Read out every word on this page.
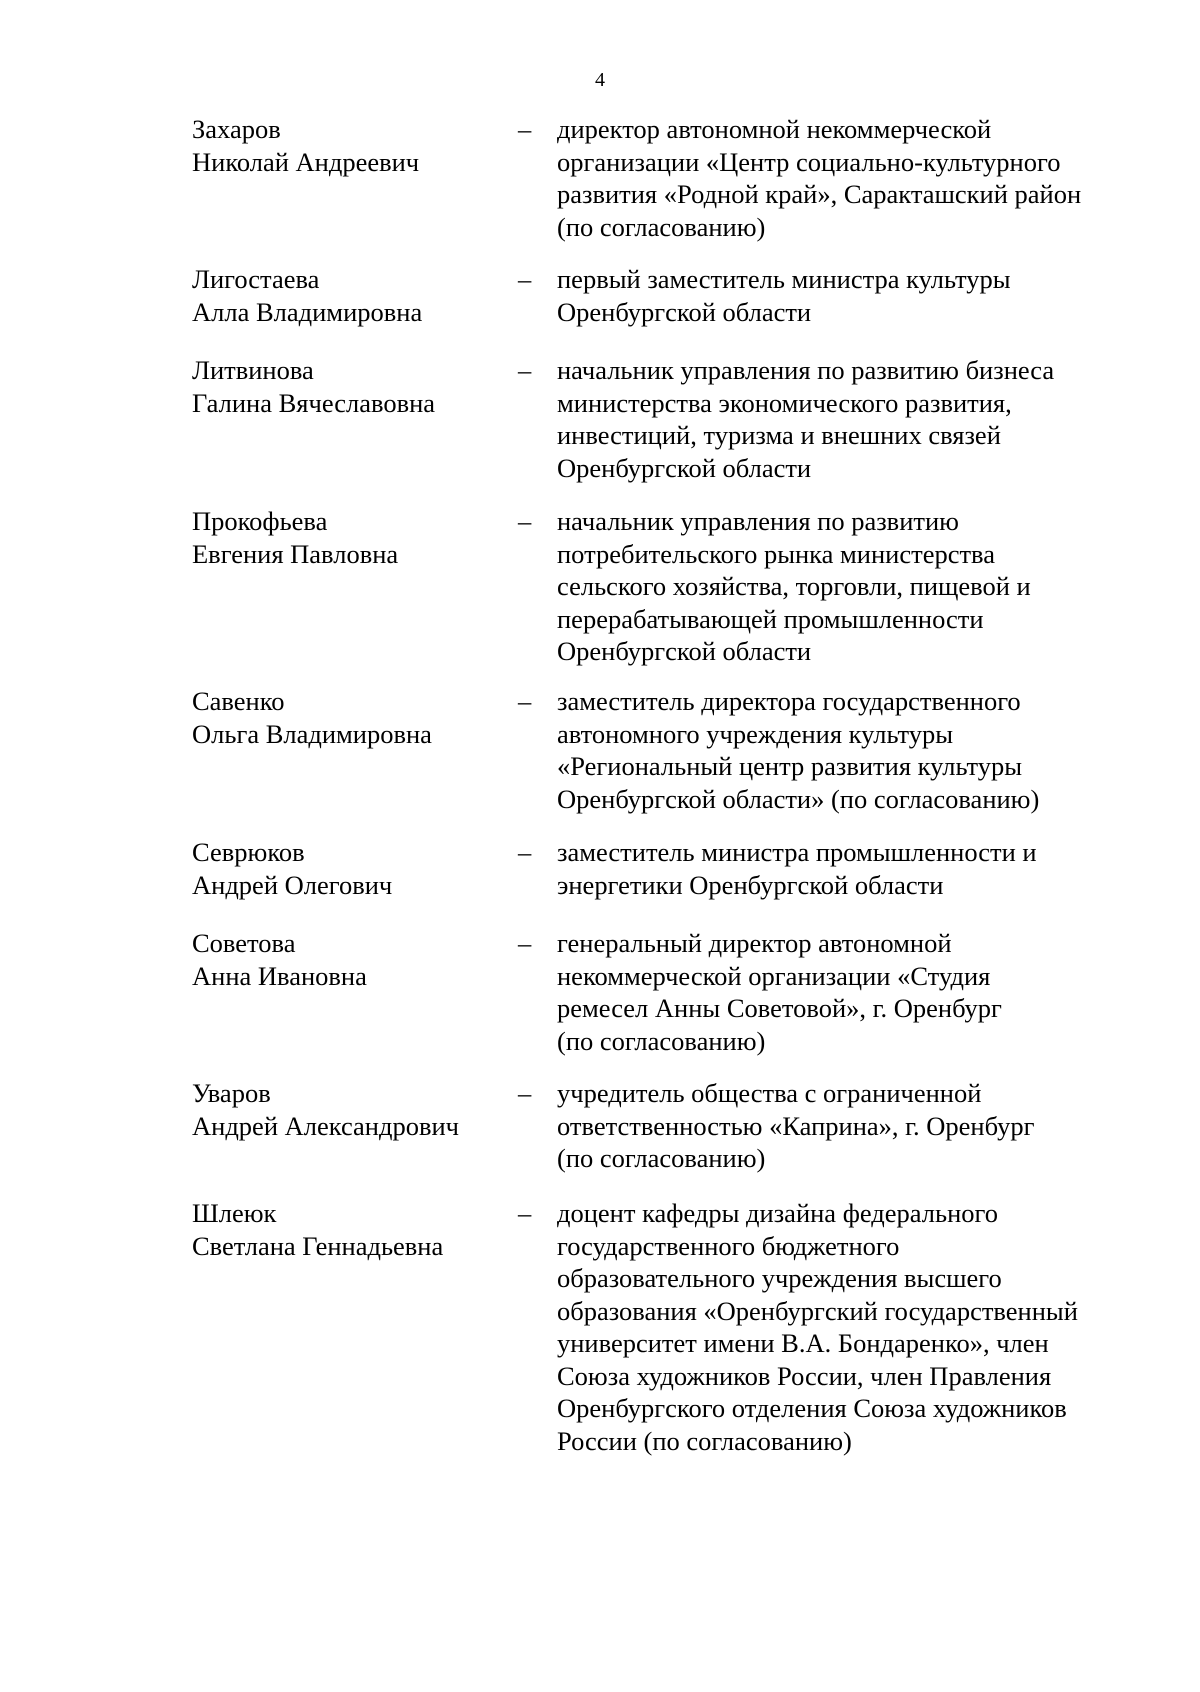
4
Захаров
Николай Андреевич
– директор автономной некоммерческой
организации «Центр социально-культурного
развития «Родной край», Саракташский район
(по согласованию)
Лигостаева
Алла Владимировна
– первый заместитель министра культуры
Оренбургской области
Литвинова
Галина Вячеславовна
– начальник управления по развитию бизнеса
министерства экономического развития,
инвестиций, туризма и внешних связей
Оренбургской области
Прокофьева
Евгения Павловна
– начальник управления по развитию
потребительского рынка министерства
сельского хозяйства, торговли, пищевой и
перерабатывающей промышленности
Оренбургской области
Савенко
Ольга Владимировна
– заместитель директора государственного
автономного учреждения культуры
«Региональный центр развития культуры
Оренбургской области» (по согласованию)
Севрюков
Андрей Олегович
– заместитель министра промышленности и
энергетики Оренбургской области
Советова
Анна Ивановна
– генеральный директор автономной
некоммерческой организации «Студия
ремесел Анны Советовой», г. Оренбург
(по согласованию)
Уваров
Андрей Александрович
– учредитель общества с ограниченной
ответственностью «Каприна», г. Оренбург
(по согласованию)
Шлеюк
Светлана Геннадьевна
– доцент кафедры дизайна федерального
государственного бюджетного
образовательного учреждения высшего
образования «Оренбургский государственный
университет имени В.А. Бондаренко», член
Союза художников России, член Правления
Оренбургского отделения Союза художников
России (по согласованию)
